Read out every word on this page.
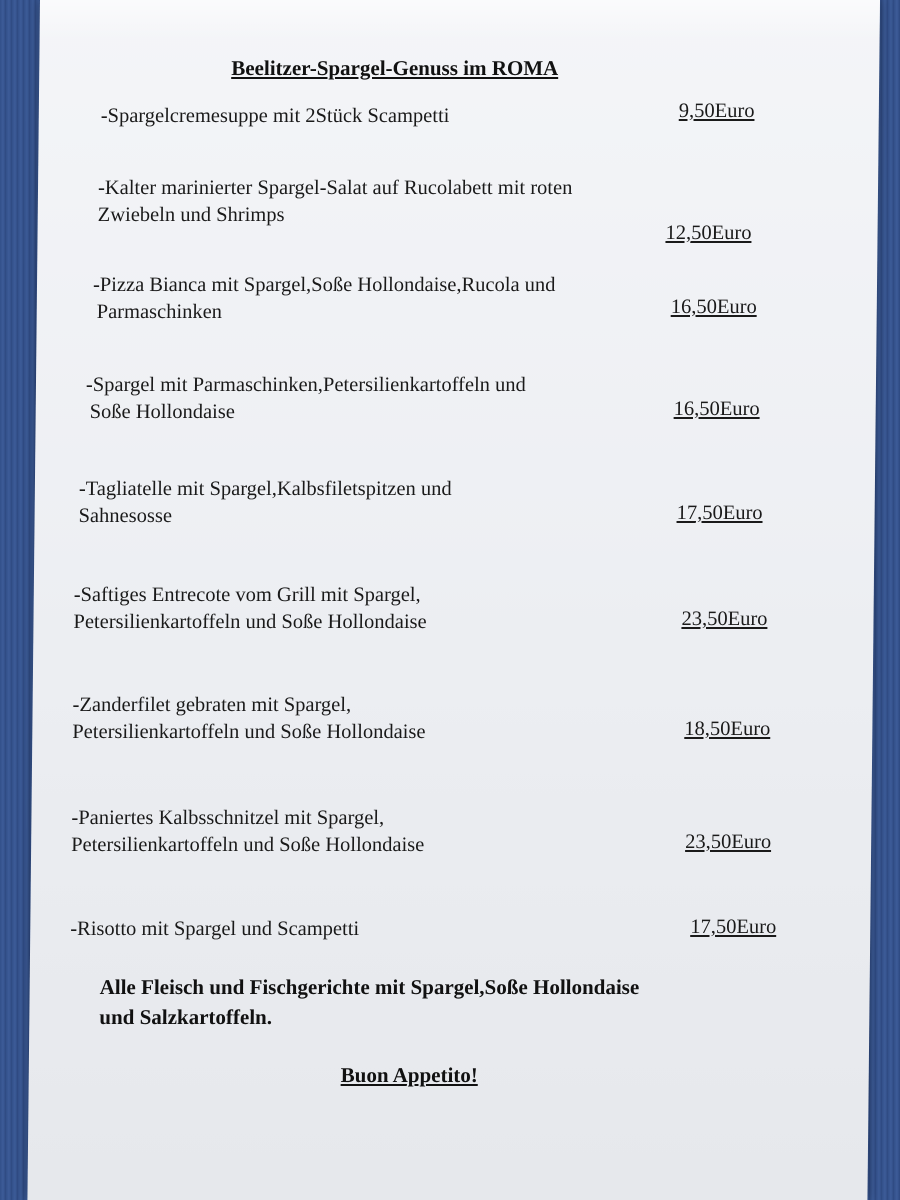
Beelitzer-Spargel-Genuss im ROMA
-Spargelcremesuppe mit 2Stück Scampetti	9,50Euro
-Kalter marinierter Spargel-Salat auf Rucolabett mit roten
Zwiebeln und Shrimps
12,50Euro
-Pizza Bianca mit Spargel,Soße Hollondaise,Rucola und
Parmaschinken	16,50Euro
-Spargel mit Parmaschinken,Petersilienkartoffeln und
Soße Hollondaise	16,50Euro
-Tagliatelle mit Spargel,Kalbsfiletspitzen und
Sahnesosse	17,50Euro
-Saftiges Entrecote vom Grill mit Spargel,
Petersilienkartoffeln und Soße Hollondaise	23,50Euro
-Zanderfilet gebraten mit Spargel,
Petersilienkartoffeln und Soße Hollondaise	18,50Euro
-Paniertes Kalbsschnitzel mit Spargel,
Petersilienkartoffeln und Soße Hollondaise	23,50Euro
-Risotto mit Spargel und Scampetti	17,50Euro
Alle Fleisch und Fischgerichte mit Spargel,Soße Hollondaise
und Salzkartoffeln.
Buon Appetito!
